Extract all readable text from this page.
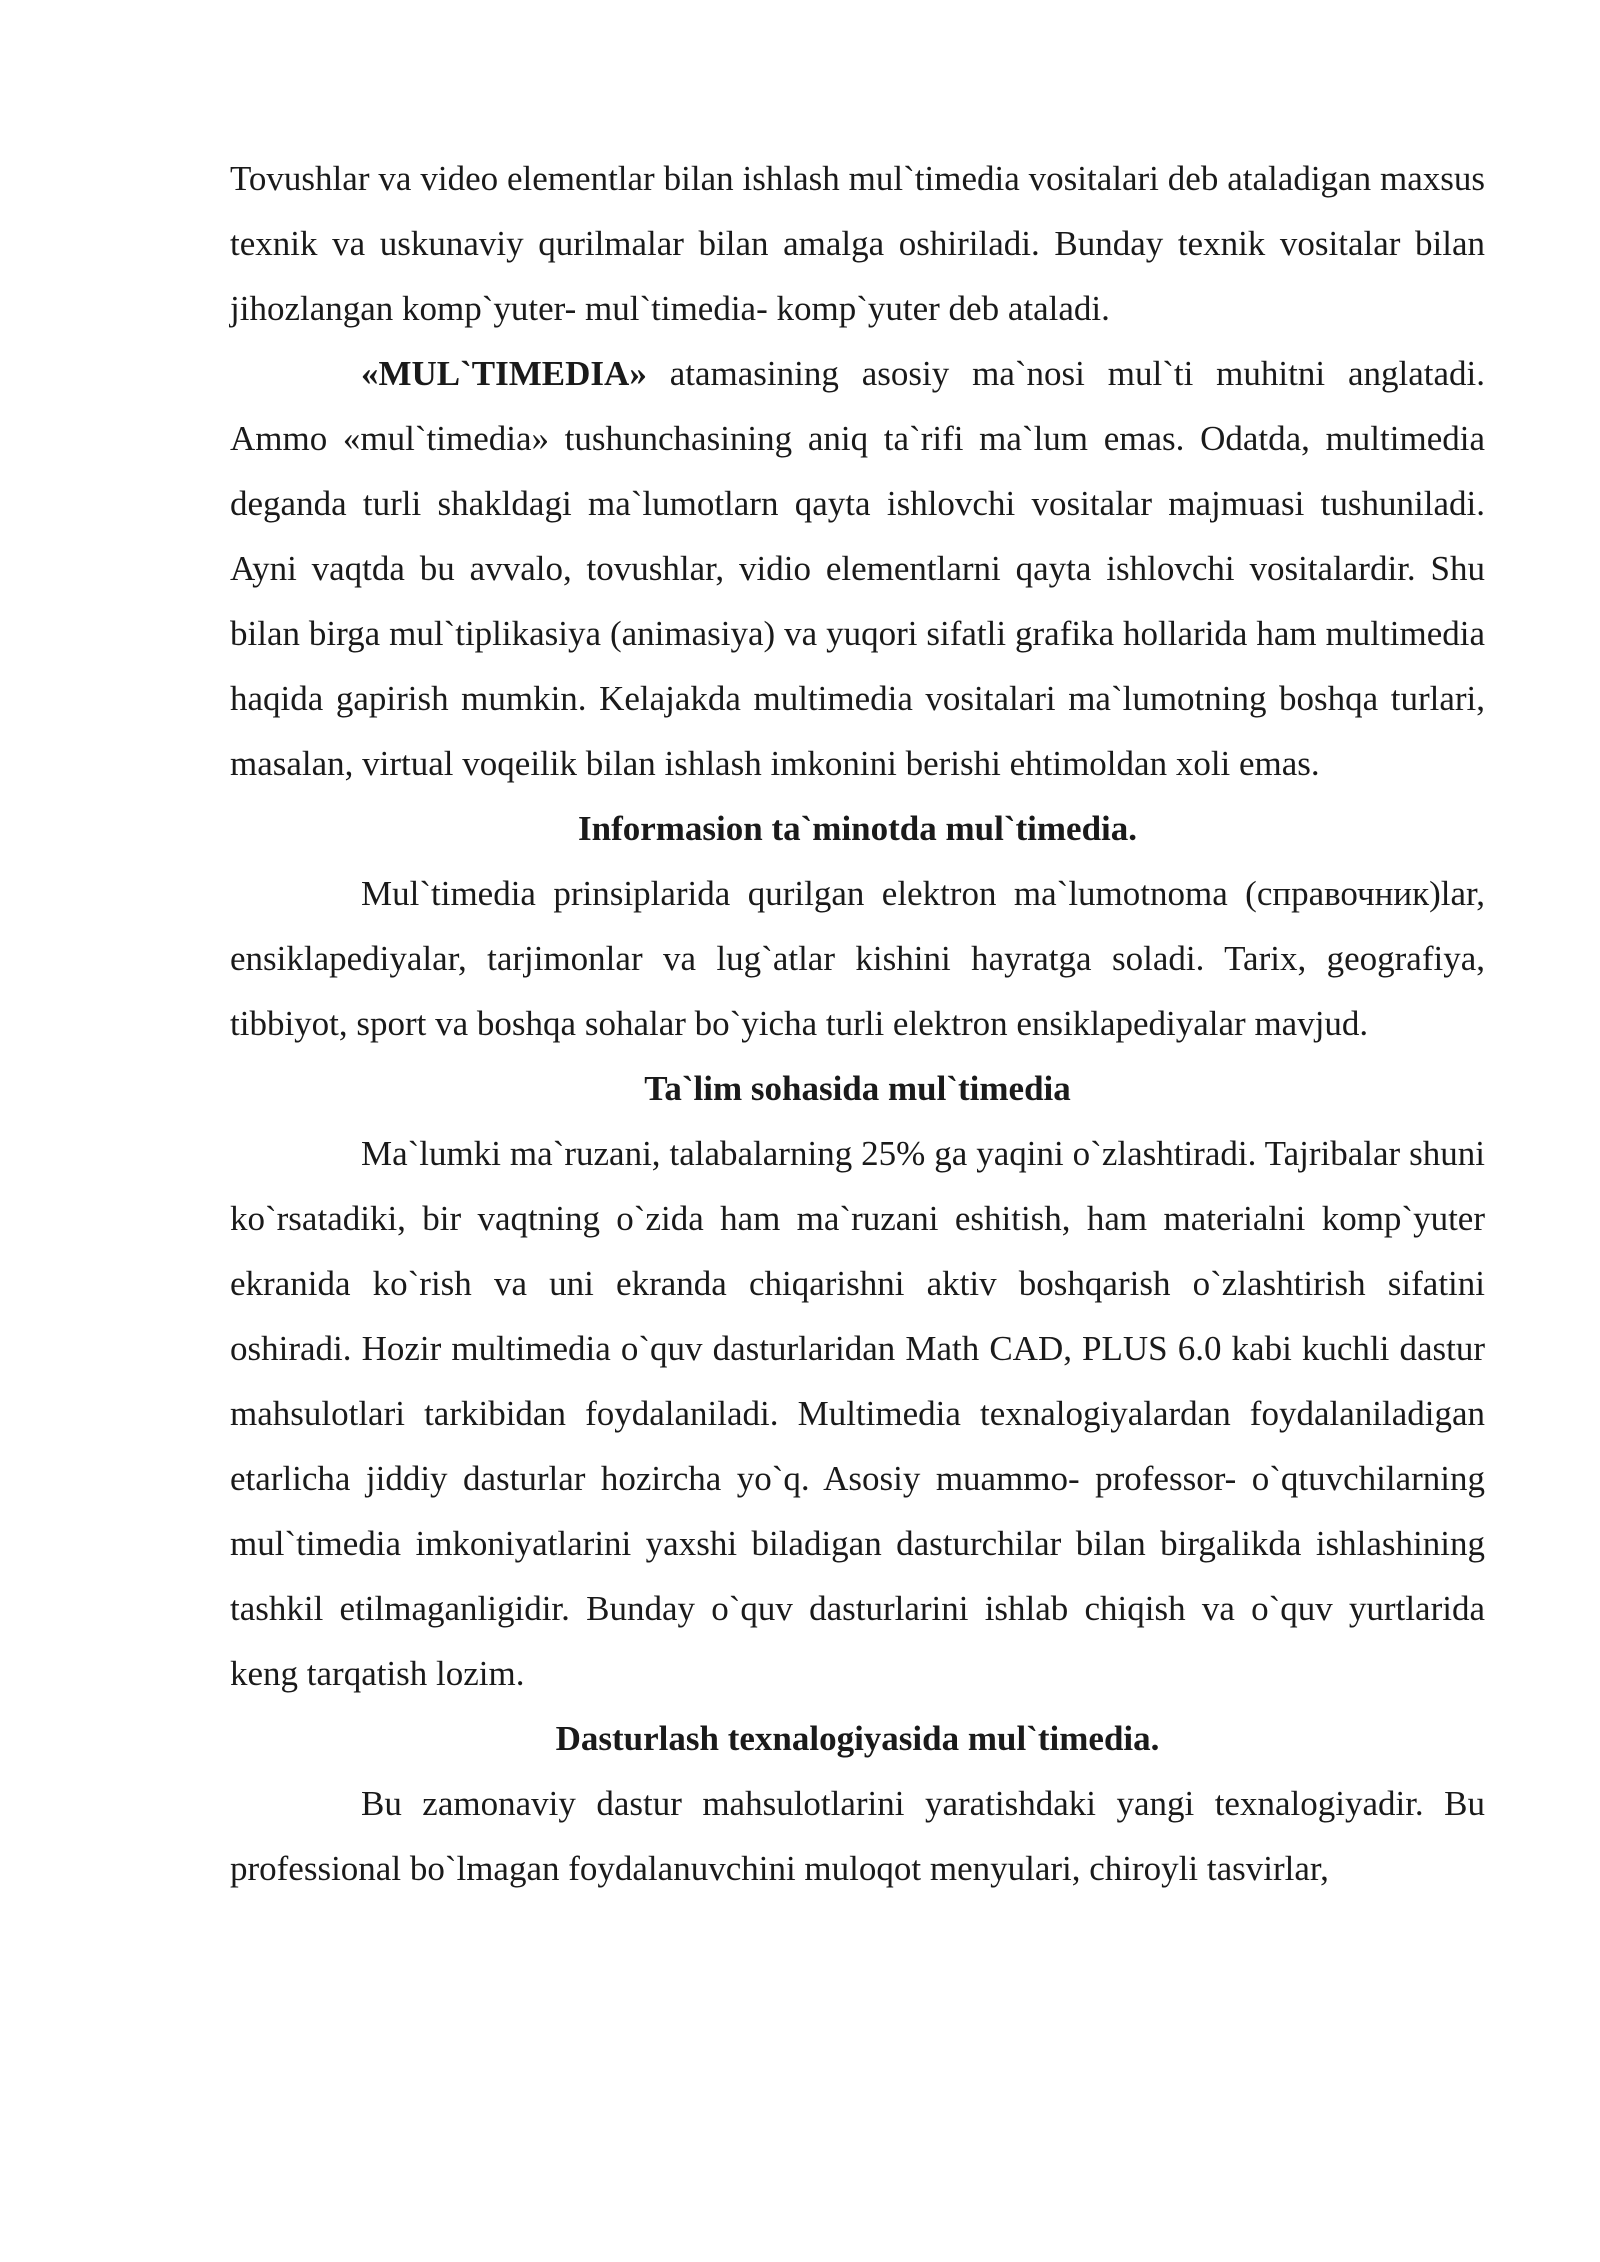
Tovushlar va video elementlar bilan ishlash mul`timedia vositalari deb ataladigan maxsus texnik va uskunaviy qurilmalar bilan amalga oshiriladi. Bunday texnik vositalar bilan jihozlangan komp`yuter- mul`timedia- komp`yuter deb ataladi.

«MUL`TIMEDIA» atamasining asosiy ma`nosi mul`ti muhitni anglatadi. Ammo «mul`timedia» tushunchasining aniq ta`rifi ma`lum emas. Odatda, multimedia deganda turli shakldagi ma`lumotlarn qayta ishlovchi vositalar majmuasi tushuniladi. Ayni vaqtda bu avvalo, tovushlar, vidio elementlarni qayta ishlovchi vositalardir. Shu bilan birga mul`tiplikasiya (animasiya) va yuqori sifatli grafika hollarida ham multimedia haqida gapirish mumkin. Kelajakda multimedia vositalari ma`lumotning boshqa turlari, masalan, virtual voqeilik bilan ishlash imkonini berishi ehtimoldan xoli emas.

Informasion ta`minotda mul`timedia.

Mul`timedia prinsiplarida qurilgan elektron ma`lumotnoma (справочник)lar, ensiklapediyalar, tarjimonlar va lug`atlar kishini hayratga soladi. Tarix, geografiya, tibbiyot, sport va boshqa sohalar bo`yicha turli elektron ensiklapediyalar mavjud.

Ta`lim sohasida mul`timedia

Ma`lumki ma`ruzani, talabalarning 25% ga yaqini o`zlashtiradi. Tajribalar shuni ko`rsatadiki, bir vaqtning o`zida ham ma`ruzani eshitish, ham materialni komp`yuter ekranida ko`rish va uni ekranda chiqarishni aktiv boshqarish o`zlashtirish sifatini oshiradi. Hozir multimedia o`quv dasturlaridan Math CAD, PLUS 6.0 kabi kuchli dastur mahsulotlari tarkibidan foydalaniladi. Multimedia texnalogiyalardan foydalaniladigan etarlicha jiddiy dasturlar hozircha yo`q. Asosiy muammo- professor- o`qtuvchilarning mul`timedia imkoniyatlarini yaxshi biladigan dasturchilar bilan birgalikda ishlashining tashkil etilmaganligidir. Bunday o`quv dasturlarini ishlab chiqish va o`quv yurtlarida keng tarqatish lozim.

Dasturlash texnalogiyasida mul`timedia.

Bu zamonaviy dastur mahsulotlarini yaratishdaki yangi texnalogiyadir. Bu professional bo`lmagan foydalanuvchini muloqot menyulari, chiroyli tasvirlar,
